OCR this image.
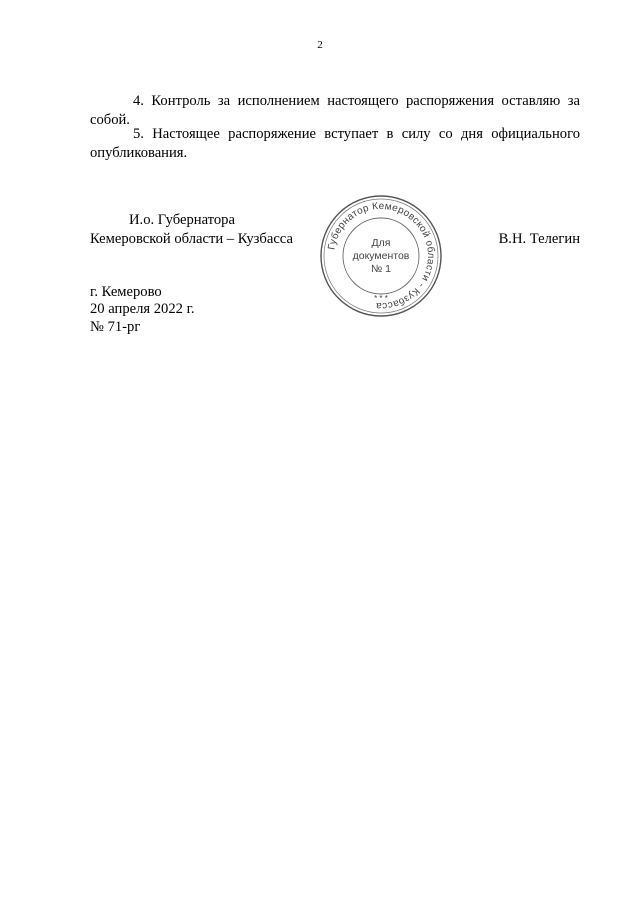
2
4. Контроль за исполнением настоящего распоряжения оставляю за собой.
5. Настоящее распоряжение вступает в силу со дня официального опубликования.
И.о. Губернатора
Кемеровской области – Кузбасса	В.Н. Телегин
Губернатор Кемеровской области - Кузбасса
* * *
Для
документов
№ 1
г. Кемерово
20 апреля 2022 г.
№ 71-рг
